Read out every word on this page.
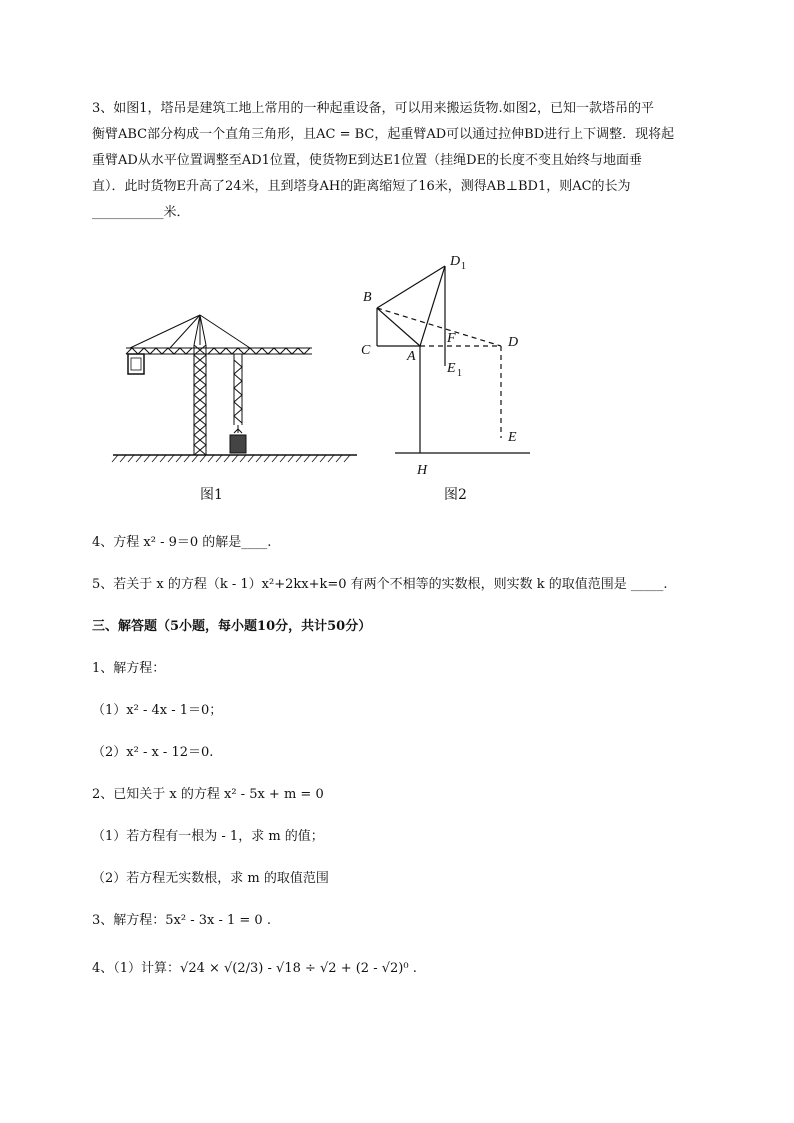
3、如图1，塔吊是建筑工地上常用的一种起重设备，可以用来搬运货物.如图2，已知一款塔吊的平

衡臂ABC部分构成一个直角三角形，且AC = BC，起重臂AD可以通过拉伸BD进行上下调整．现将起

重臂AD从水平位置调整至AD1位置，使货物E到达E1位置（挂绳DE的长度不变且始终与地面垂

直）．此时货物E升高了24米，且到塔身AH的距离缩短了16米，测得AB⊥BD1，则AC的长为

___________米．

图1
B
C	A
F	D
D 1
E 1
E
H
图2

4、方程 x² - 9＝0 的解是____.

5、若关于 x 的方程（k - 1）x²+2kx+k=0 有两个不相等的实数根，则实数 k 的取值范围是 _____.

三、解答题（5小题，每小题10分，共计50分）

1、解方程：

（1）x² - 4x - 1＝0；

（2）x² - x - 12＝0.

2、已知关于 x 的方程 x² - 5x + m = 0

（1）若方程有一根为 - 1，求 m 的值；

（2）若方程无实数根，求 m 的取值范围

3、解方程：5x² - 3x - 1 = 0 .

4、（1）计算：√24 × √(2/3) - √18 ÷ √2 + (2 - √2)⁰ .
